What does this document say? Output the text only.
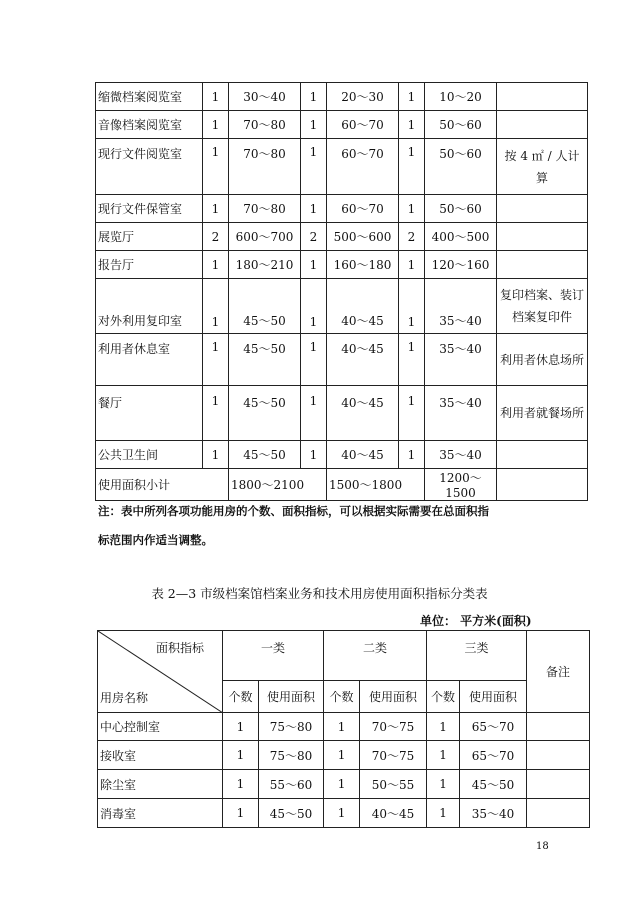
缩微档案阅览室	1	30～40	1	20～30	1	10～20	
音像档案阅览室	1	70～80	1	60～70	1	50～60	
现行文件阅览室	1	70～80	1	60～70	1	50～60	按 4 ㎡ / 人计算
现行文件保管室	1	70～80	1	60～70	1	50～60	
展览厅	2	600～700	2	500～600	2	400～500	
报告厅	1	180～210	1	160～180	1	120～160	
对外利用复印室	1	45～50	1	40～45	1	35～40	复印档案、装订档案复印件
利用者休息室	1	45～50	1	40～45	1	35～40	利用者休息场所
餐厅	1	45～50	1	40～45	1	35～40	利用者就餐场所
公共卫生间	1	45～50	1	40～45	1	35～40	
使用面积小计		1800～2100		1500～1800		1200～1500	
注：表中所列各项功能用房的个数、面积指标，可以根据实际需要在总面积指
标范围内作适当调整。
表 2—3 市级档案馆档案业务和技术用房使用面积指标分类表
单位： 平方米(面积)
面积指标
用房名称	一类		二类		三类		备注
	个数	使用面积	个数	使用面积	个数	使用面积	
中心控制室	1	75～80	1	70～75	1	65～70	
接收室	1	75～80	1	70～75	1	65～70	
除尘室	1	55～60	1	50～55	1	45～50	
消毒室	1	45～50	1	40～45	1	35～40	
18
